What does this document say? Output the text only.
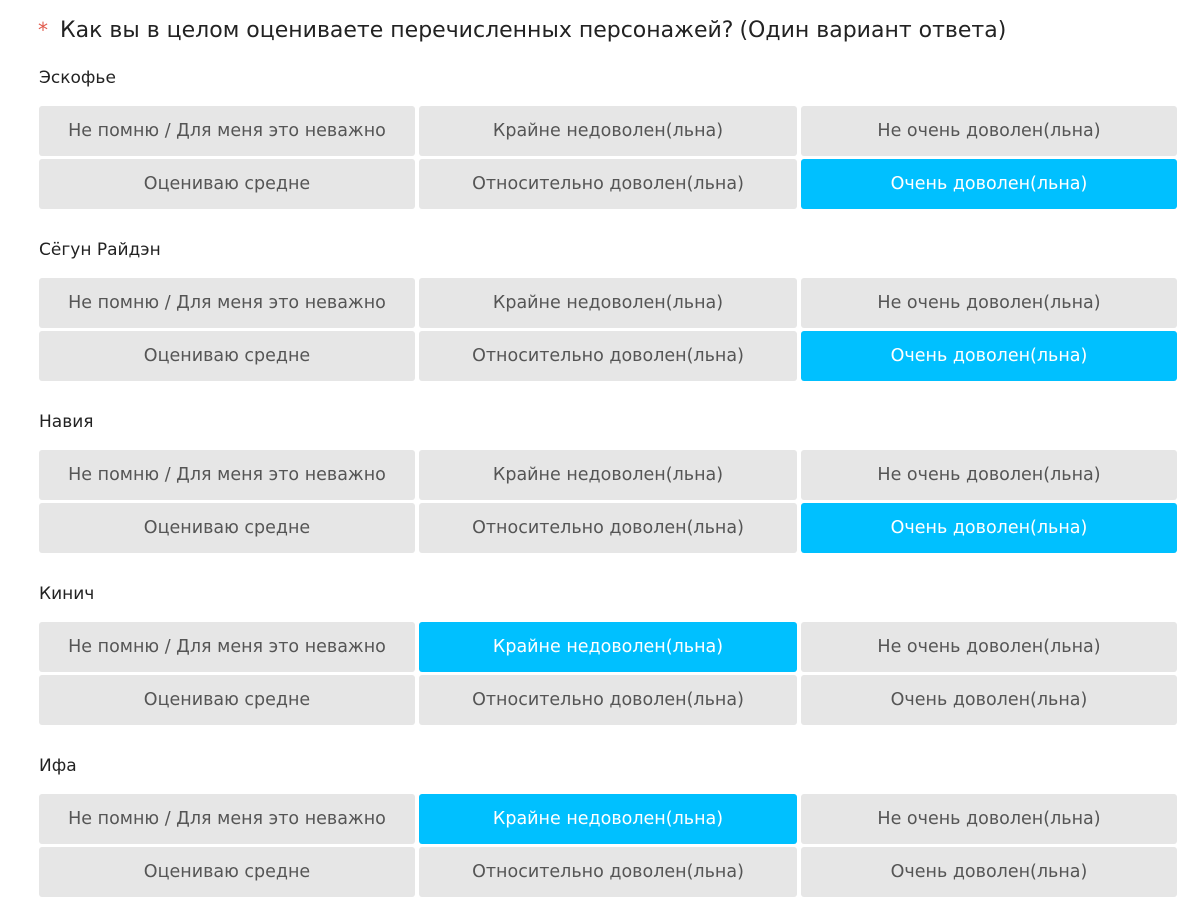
* Как вы в целом оцениваете перечисленных персонажей? (Один вариант ответа)
Эскофье
Не помню / Для меня это неважно	Крайне недоволен(льна)	Не очень доволен(льна)
Оцениваю средне	Относительно доволен(льна)	Очень доволен(льна)
Сёгун Райдэн
Не помню / Для меня это неважно	Крайне недоволен(льна)	Не очень доволен(льна)
Оцениваю средне	Относительно доволен(льна)	Очень доволен(льна)
Навия
Не помню / Для меня это неважно	Крайне недоволен(льна)	Не очень доволен(льна)
Оцениваю средне	Относительно доволен(льна)	Очень доволен(льна)
Кинич
Не помню / Для меня это неважно	Крайне недоволен(льна)	Не очень доволен(льна)
Оцениваю средне	Относительно доволен(льна)	Очень доволен(льна)
Ифа
Не помню / Для меня это неважно	Крайне недоволен(льна)	Не очень доволен(льна)
Оцениваю средне	Относительно доволен(льна)	Очень доволен(льна)
